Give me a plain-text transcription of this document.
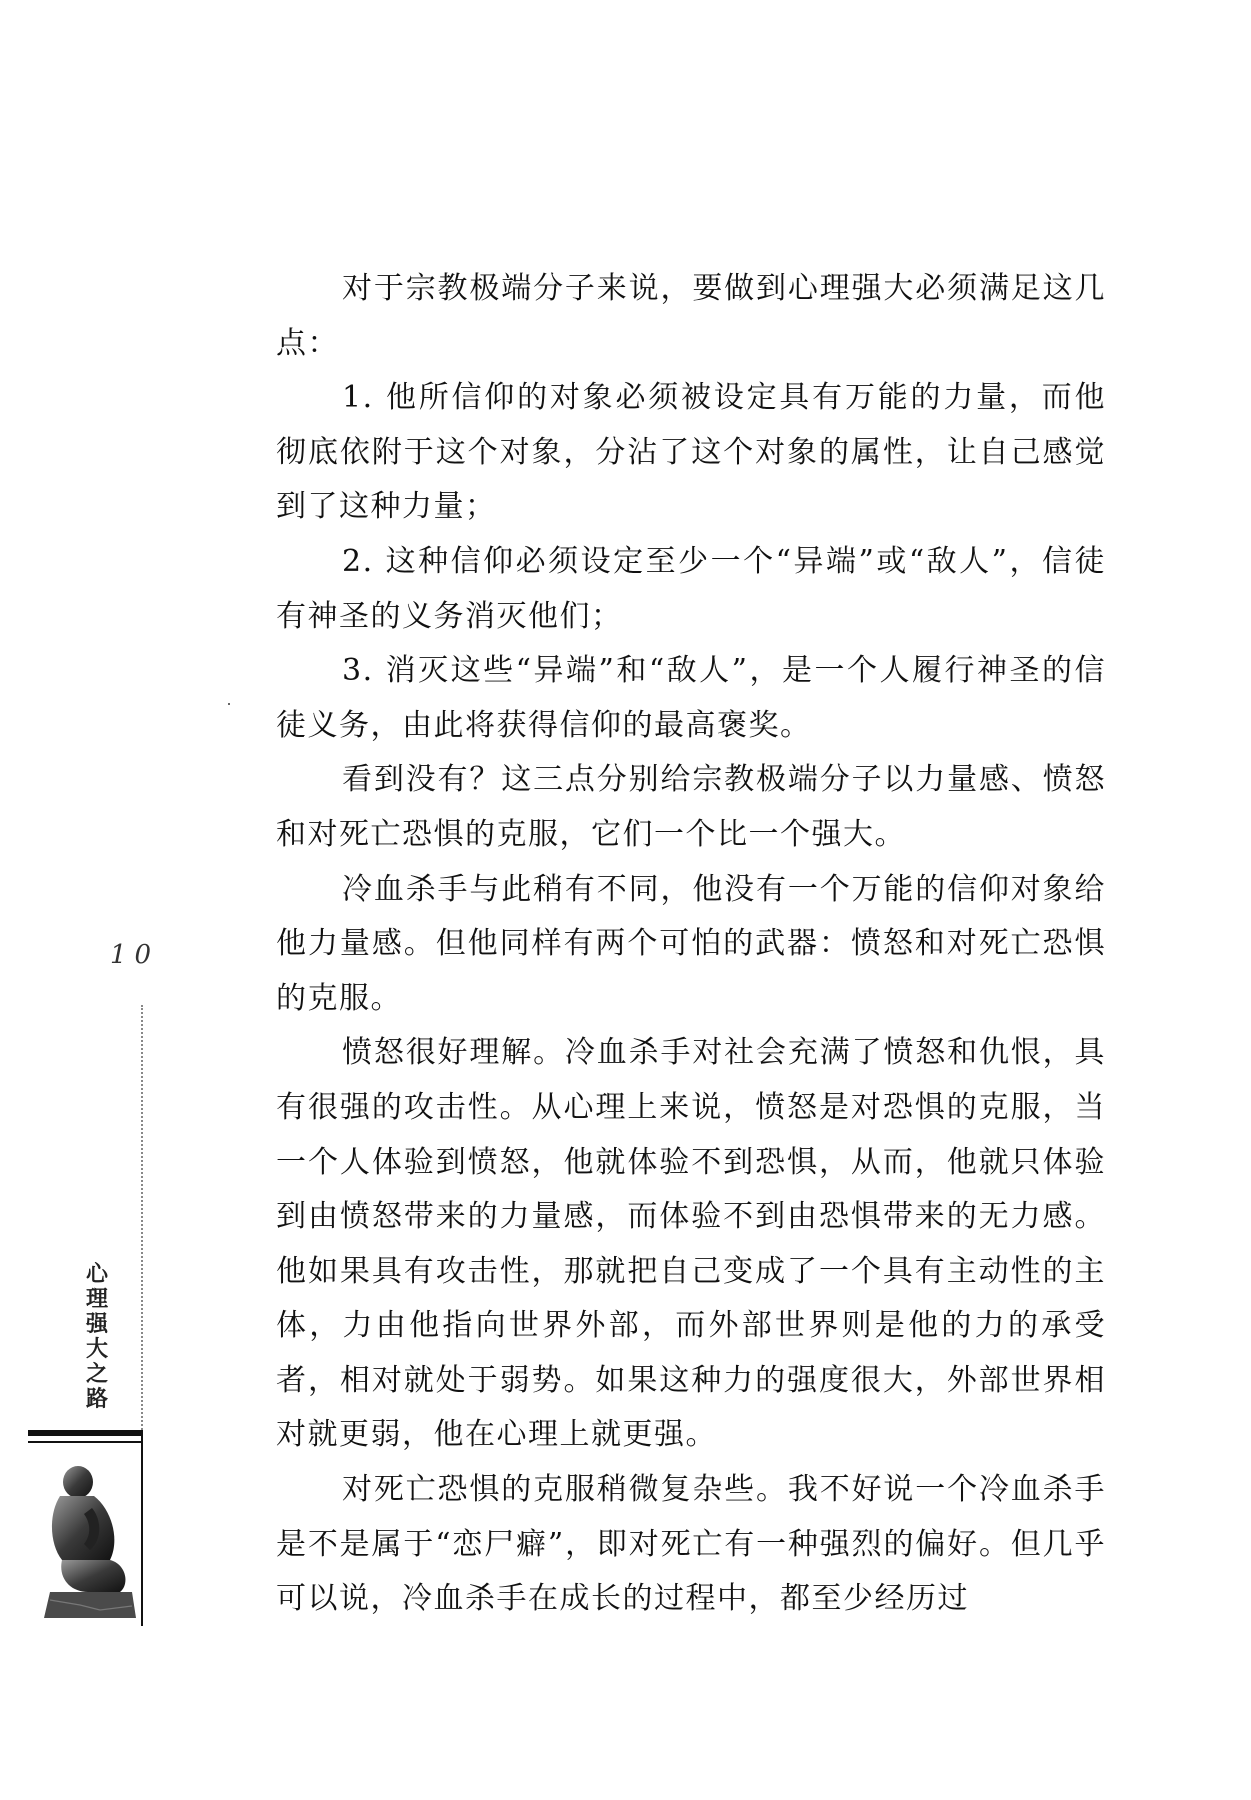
对于宗教极端分子来说，要做到心理强大必须满足这几点：

1. 他所信仰的对象必须被设定具有万能的力量，而他彻底依附于这个对象，分沾了这个对象的属性，让自己感觉到了这种力量；

2. 这种信仰必须设定至少一个“异端”或“敌人”，信徒有神圣的义务消灭他们；

3. 消灭这些“异端”和“敌人”，是一个人履行神圣的信徒义务，由此将获得信仰的最高褒奖。

看到没有？这三点分别给宗教极端分子以力量感、愤怒和对死亡恐惧的克服，它们一个比一个强大。

冷血杀手与此稍有不同，他没有一个万能的信仰对象给他力量感。但他同样有两个可怕的武器：愤怒和对死亡恐惧的克服。

愤怒很好理解。冷血杀手对社会充满了愤怒和仇恨，具有很强的攻击性。从心理上来说，愤怒是对恐惧的克服，当一个人体验到愤怒，他就体验不到恐惧，从而，他就只体验到由愤怒带来的力量感，而体验不到由恐惧带来的无力感。他如果具有攻击性，那就把自己变成了一个具有主动性的主体，力由他指向世界外部，而外部世界则是他的力的承受者，相对就处于弱势。如果这种力的强度很大，外部世界相对就更弱，他在心理上就更强。

对死亡恐惧的克服稍微复杂些。我不好说一个冷血杀手是不是属于“恋尸癖”，即对死亡有一种强烈的偏好。但几乎可以说，冷血杀手在成长的过程中，都至少经历过

10
心理强大之路
